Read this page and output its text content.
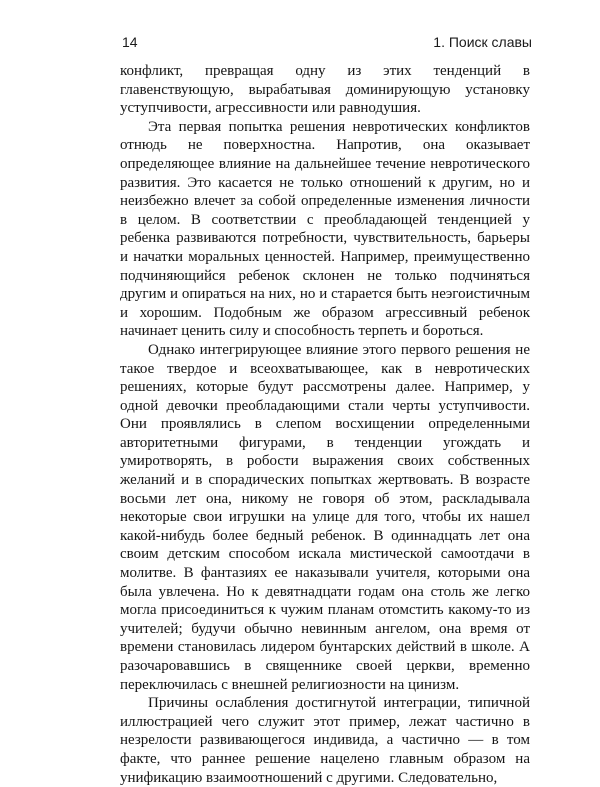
14	1. Поиск славы

конфликт, превращая одну из этих тенденций в главенствующую, вырабатывая доминирующую установку уступчивости, агрессивности или равнодушия.

Эта первая попытка решения невротических конфликтов отнюдь не поверхностна. Напротив, она оказывает определяющее влияние на дальнейшее течение невротического развития. Это касается не только отношений к другим, но и неизбежно влечет за собой определенные изменения личности в целом. В соответствии с преобладающей тенденцией у ребенка развиваются потребности, чувствительность, барьеры и начатки моральных ценностей. Например, преимущественно подчиняющийся ребенок склонен не только подчиняться другим и опираться на них, но и старается быть неэгоистичным и хорошим. Подобным же образом агрессивный ребенок начинает ценить силу и способность терпеть и бороться.

Однако интегрирующее влияние этого первого решения не такое твердое и всеохватывающее, как в невротических решениях, которые будут рассмотрены далее. Например, у одной девочки преобладающими стали черты уступчивости. Они проявлялись в слепом восхищении определенными авторитетными фигурами, в тенденции угождать и умиротворять, в робости выражения своих собственных желаний и в спорадических попытках жертвовать. В возрасте восьми лет она, никому не говоря об этом, раскладывала некоторые свои игрушки на улице для того, чтобы их нашел какой-нибудь более бедный ребенок. В одиннадцать лет она своим детским способом искала мистической самоотдачи в молитве. В фантазиях ее наказывали учителя, которыми она была увлечена. Но к девятнадцати годам она столь же легко могла присоединиться к чужим планам отомстить какому-то из учителей; будучи обычно невинным ангелом, она время от времени становилась лидером бунтарских действий в школе. А разочаровавшись в священнике своей церкви, временно переключилась с внешней религиозности на цинизм.

Причины ослабления достигнутой интеграции, типичной иллюстрацией чего служит этот пример, лежат частично в незрелости развивающегося индивида, а частично — в том факте, что раннее решение нацелено главным образом на унификацию взаимоотношений с другими. Следовательно,
